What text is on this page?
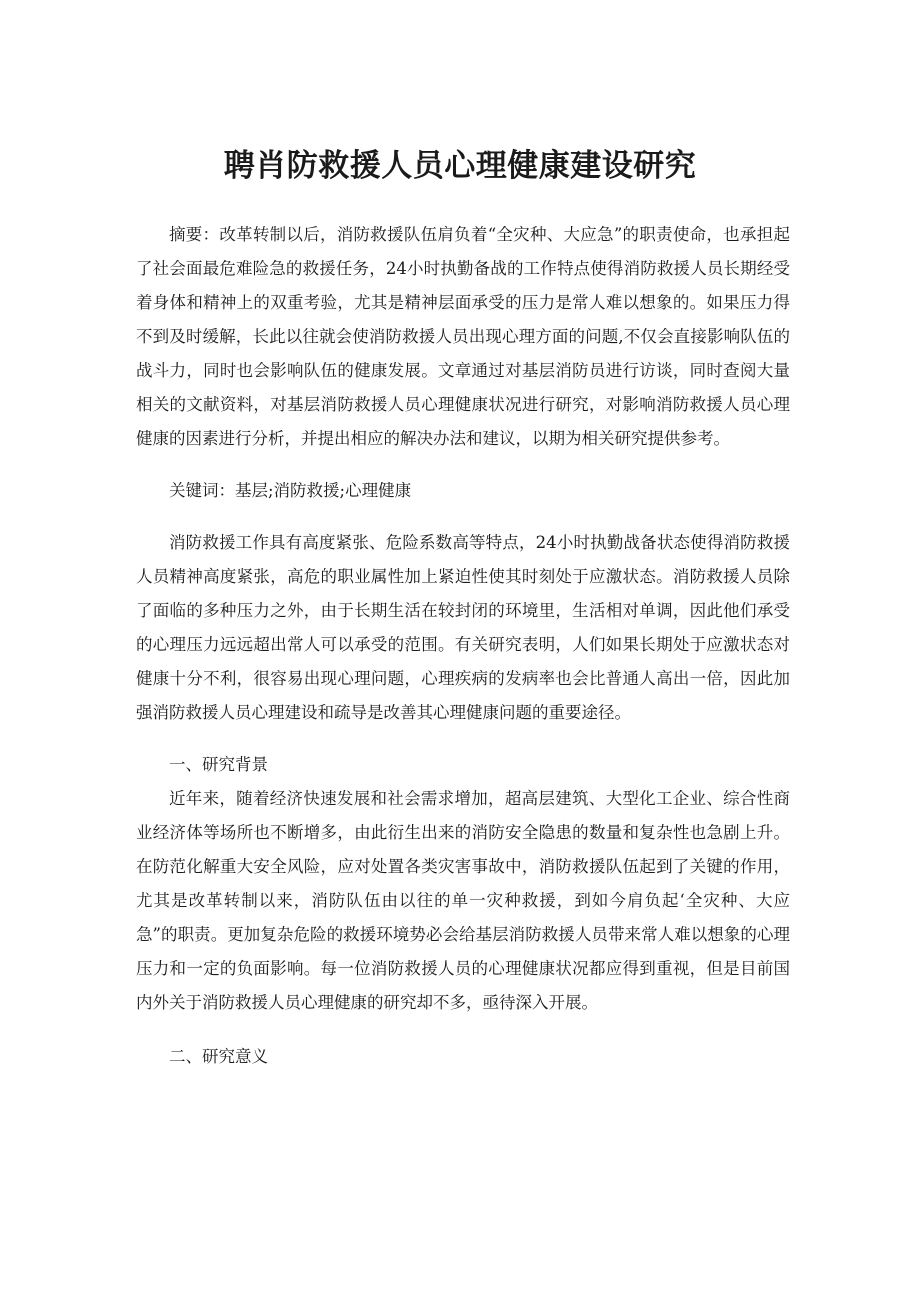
聘肖防救援人员心理健康建设研究

摘要：改革转制以后，消防救援队伍肩负着“全灾种、大应急”的职责使命，也承担起了社会面最危难险急的救援任务，24小时执勤备战的工作特点使得消防救援人员长期经受着身体和精神上的双重考验，尤其是精神层面承受的压力是常人难以想象的。如果压力得不到及时缓解，长此以往就会使消防救援人员出现心理方面的问题,不仅会直接影响队伍的战斗力，同时也会影响队伍的健康发展。文章通过对基层消防员进行访谈，同时查阅大量相关的文献资料，对基层消防救援人员心理健康状况进行研究，对影响消防救援人员心理健康的因素进行分析，并提出相应的解决办法和建议，以期为相关研究提供参考。

关键词：基层;消防救援;心理健康

消防救援工作具有高度紧张、危险系数高等特点，24小时执勤战备状态使得消防救援人员精神高度紧张，高危的职业属性加上紧迫性使其时刻处于应激状态。消防救援人员除了面临的多种压力之外，由于长期生活在较封闭的环境里，生活相对单调，因此他们承受的心理压力远远超出常人可以承受的范围。有关研究表明，人们如果长期处于应激状态对健康十分不利，很容易出现心理问题，心理疾病的发病率也会比普通人高出一倍，因此加强消防救援人员心理建设和疏导是改善其心理健康问题的重要途径。

一、研究背景

近年来，随着经济快速发展和社会需求增加，超高层建筑、大型化工企业、综合性商业经济体等场所也不断增多，由此衍生出来的消防安全隐患的数量和复杂性也急剧上升。在防范化解重大安全风险，应对处置各类灾害事故中，消防救援队伍起到了关键的作用，尤其是改革转制以来，消防队伍由以往的单一灾种救援，到如今肩负起‘全灾种、大应急”的职责。更加复杂危险的救援环境势必会给基层消防救援人员带来常人难以想象的心理压力和一定的负面影响。每一位消防救援人员的心理健康状况都应得到重视，但是目前国内外关于消防救援人员心理健康的研究却不多，亟待深入开展。

二、研究意义
